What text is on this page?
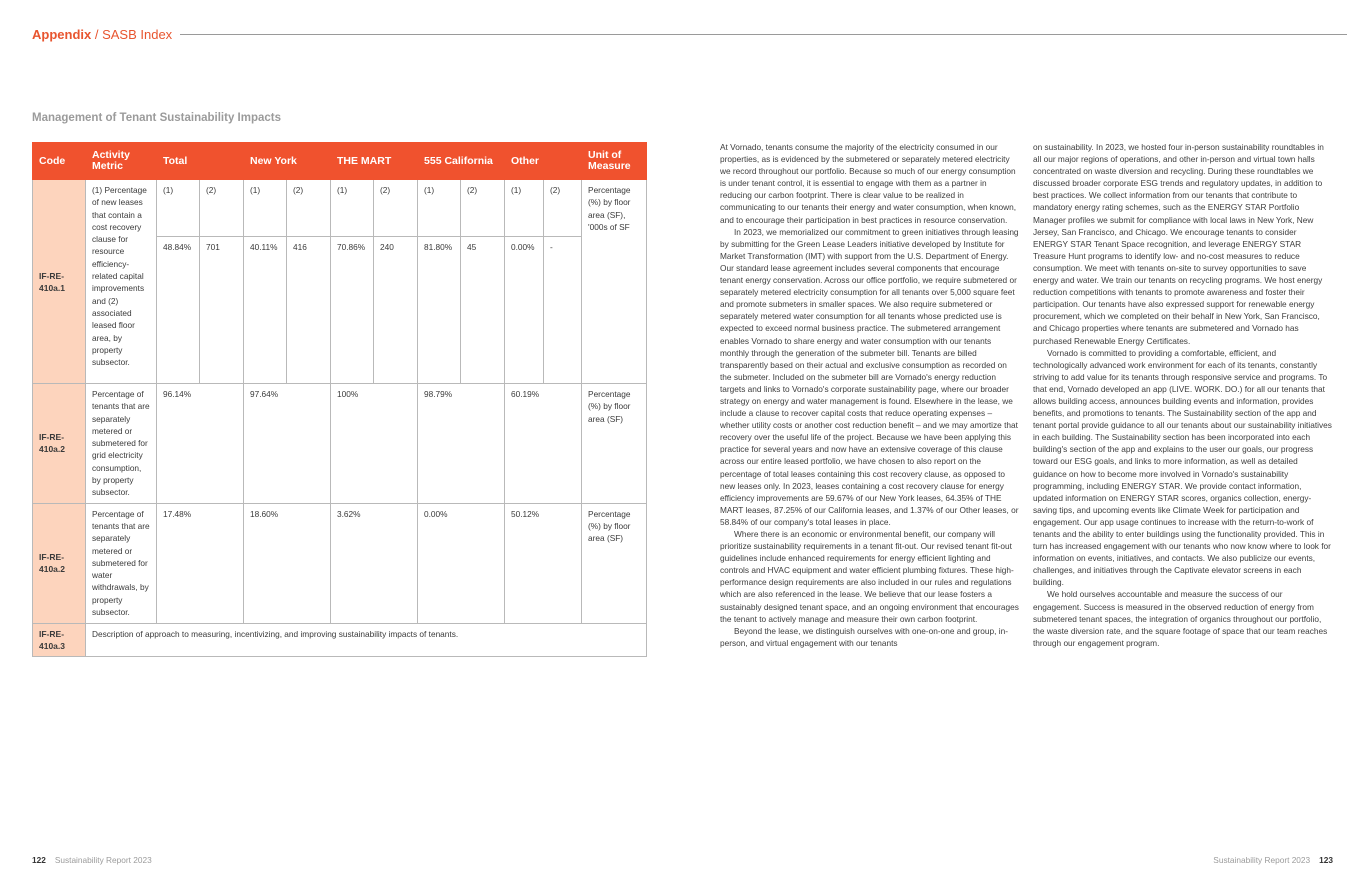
Appendix / SASB Index
Management of Tenant Sustainability Impacts
Code	Activity Metric	Total		New York		THE MART		555 California		Other		Unit of Measure
IF-RE-410a.1	(1) Percentage of new leases that contain a cost recovery clause for resource efficiency-related capital improvements and (2) associated leased floor area, by property subsector.	(1)	(2)	(1)	(2)	(1)	(2)	(1)	(2)	(1)	(2)	Percentage (%) by floor area (SF), '000s of SF
		48.84%	701	40.11%	416	70.86%	240	81.80%	45	0.00%	-	
IF-RE-410a.2	Percentage of tenants that are separately metered or submetered for grid electricity consumption, by property subsector.	96.14%		97.64%		100%		98.79%		60.19%		Percentage (%) by floor area (SF)
IF-RE-410a.2	Percentage of tenants that are separately metered or submetered for water withdrawals, by property subsector.	17.48%		18.60%		3.62%		0.00%		50.12%		Percentage (%) by floor area (SF)
IF-RE-410a.3	Description of approach to measuring, incentivizing, and improving sustainability impacts of tenants.											

At Vornado, tenants consume the majority of the electricity consumed in our properties, as is evidenced by the submetered or separately metered electricity we record throughout our portfolio. Because so much of our energy consumption is under tenant control, it is essential to engage with them as a partner in reducing our carbon footprint. There is clear value to be realized in communicating to our tenants their energy and water consumption, when known, and to encourage their participation in best practices in resource conservation.

In 2023, we memorialized our commitment to green initiatives through leasing by submitting for the Green Lease Leaders initiative developed by Institute for Market Transformation (IMT) with support from the U.S. Department of Energy. Our standard lease agreement includes several components that encourage tenant energy conservation. Across our office portfolio, we require submetered or separately metered electricity consumption for all tenants over 5,000 square feet and promote submeters in smaller spaces. We also require submetered or separately metered water consumption for all tenants whose predicted use is expected to exceed normal business practice. The submetered arrangement enables Vornado to share energy and water consumption with our tenants monthly through the generation of the submeter bill. Tenants are billed transparently based on their actual and exclusive consumption as recorded on the submeter. Included on the submeter bill are Vornado's energy reduction targets and links to Vornado's corporate sustainability page, where our broader strategy on energy and water management is found. Elsewhere in the lease, we include a clause to recover capital costs that reduce operating expenses – whether utility costs or another cost reduction benefit – and we may amortize that recovery over the useful life of the project. Because we have been applying this practice for several years and now have an extensive coverage of this clause across our entire leased portfolio, we have chosen to also report on the percentage of total leases containing this cost recovery clause, as opposed to new leases only. In 2023, leases containing a cost recovery clause for energy efficiency improvements are 59.67% of our New York leases, 64.35% of THE MART leases, 87.25% of our California leases, and 1.37% of our Other leases, or 58.84% of our company's total leases in place.

Where there is an economic or environmental benefit, our company will prioritize sustainability requirements in a tenant fit-out. Our revised tenant fit-out guidelines include enhanced requirements for energy efficient lighting and controls and HVAC equipment and water efficient plumbing fixtures. These high-performance design requirements are also included in our rules and regulations which are also referenced in the lease. We believe that our lease fosters a sustainably designed tenant space, and an ongoing environment that encourages the tenant to actively manage and measure their own carbon footprint.

Beyond the lease, we distinguish ourselves with one-on-one and group, in-person, and virtual engagement with our tenants

on sustainability. In 2023, we hosted four in-person sustainability roundtables in all our major regions of operations, and other in-person and virtual town halls concentrated on waste diversion and recycling. During these roundtables we discussed broader corporate ESG trends and regulatory updates, in addition to best practices. We collect information from our tenants that contribute to mandatory energy rating schemes, such as the ENERGY STAR Portfolio Manager profiles we submit for compliance with local laws in New York, New Jersey, San Francisco, and Chicago. We encourage tenants to consider ENERGY STAR Tenant Space recognition, and leverage ENERGY STAR Treasure Hunt programs to identify low- and no-cost measures to reduce consumption. We meet with tenants on-site to survey opportunities to save energy and water. We train our tenants on recycling programs. We host energy reduction competitions with tenants to promote awareness and foster their participation. Our tenants have also expressed support for renewable energy procurement, which we completed on their behalf in New York, San Francisco, and Chicago properties where tenants are submetered and Vornado has purchased Renewable Energy Certificates.

Vornado is committed to providing a comfortable, efficient, and technologically advanced work environment for each of its tenants, constantly striving to add value for its tenants through responsive service and programs. To that end, Vornado developed an app (LIVE. WORK. DO.) for all our tenants that allows building access, announces building events and information, provides benefits, and promotions to tenants. The Sustainability section of the app and tenant portal provide guidance to all our tenants about our sustainability initiatives in each building. The Sustainability section has been incorporated into each building's section of the app and explains to the user our goals, our progress toward our ESG goals, and links to more information, as well as detailed guidance on how to become more involved in Vornado's sustainability programming, including ENERGY STAR. We provide contact information, updated information on ENERGY STAR scores, organics collection, energy-saving tips, and upcoming events like Climate Week for participation and engagement. Our app usage continues to increase with the return-to-work of tenants and the ability to enter buildings using the functionality provided. This in turn has increased engagement with our tenants who now know where to look for information on events, initiatives, and contacts. We also publicize our events, challenges, and initiatives through the Captivate elevator screens in each building.

We hold ourselves accountable and measure the success of our engagement. Success is measured in the observed reduction of energy from submetered tenant spaces, the integration of organics throughout our portfolio, the waste diversion rate, and the square footage of space that our team reaches through our engagement program.

122 Sustainability Report 2023	Sustainability Report 2023 123
